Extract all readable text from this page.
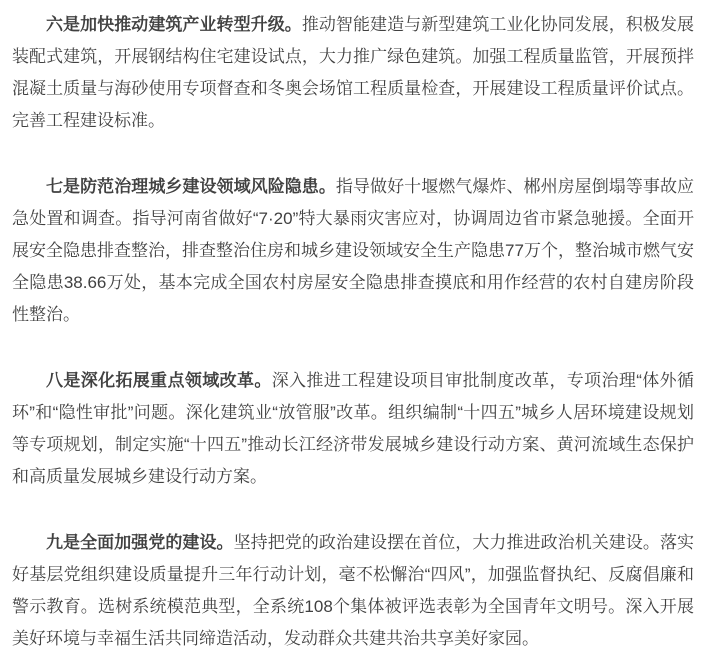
六是加快推动建筑产业转型升级。推动智能建造与新型建筑工业化协同发展，积极发展装配式建筑，开展钢结构住宅建设试点，大力推广绿色建筑。加强工程质量监管，开展预拌混凝土质量与海砂使用专项督查和冬奥会场馆工程质量检查，开展建设工程质量评价试点。完善工程建设标准。

七是防范治理城乡建设领域风险隐患。指导做好十堰燃气爆炸、郴州房屋倒塌等事故应急处置和调查。指导河南省做好“7·20”特大暴雨灾害应对，协调周边省市紧急驰援。全面开展安全隐患排查整治，排查整治住房和城乡建设领域安全生产隐患77万个，整治城市燃气安全隐患38.66万处，基本完成全国农村房屋安全隐患排查摸底和用作经营的农村自建房阶段性整治。

八是深化拓展重点领域改革。深入推进工程建设项目审批制度改革，专项治理“体外循环”和“隐性审批”问题。深化建筑业“放管服”改革。组织编制“十四五”城乡人居环境建设规划等专项规划，制定实施“十四五”推动长江经济带发展城乡建设行动方案、黄河流域生态保护和高质量发展城乡建设行动方案。

九是全面加强党的建设。坚持把党的政治建设摆在首位，大力推进政治机关建设。落实好基层党组织建设质量提升三年行动计划，毫不松懈治“四风”，加强监督执纪、反腐倡廉和警示教育。选树系统模范典型，全系统108个集体被评选表彰为全国青年文明号。深入开展美好环境与幸福生活共同缔造活动，发动群众共建共治共享美好家园。
